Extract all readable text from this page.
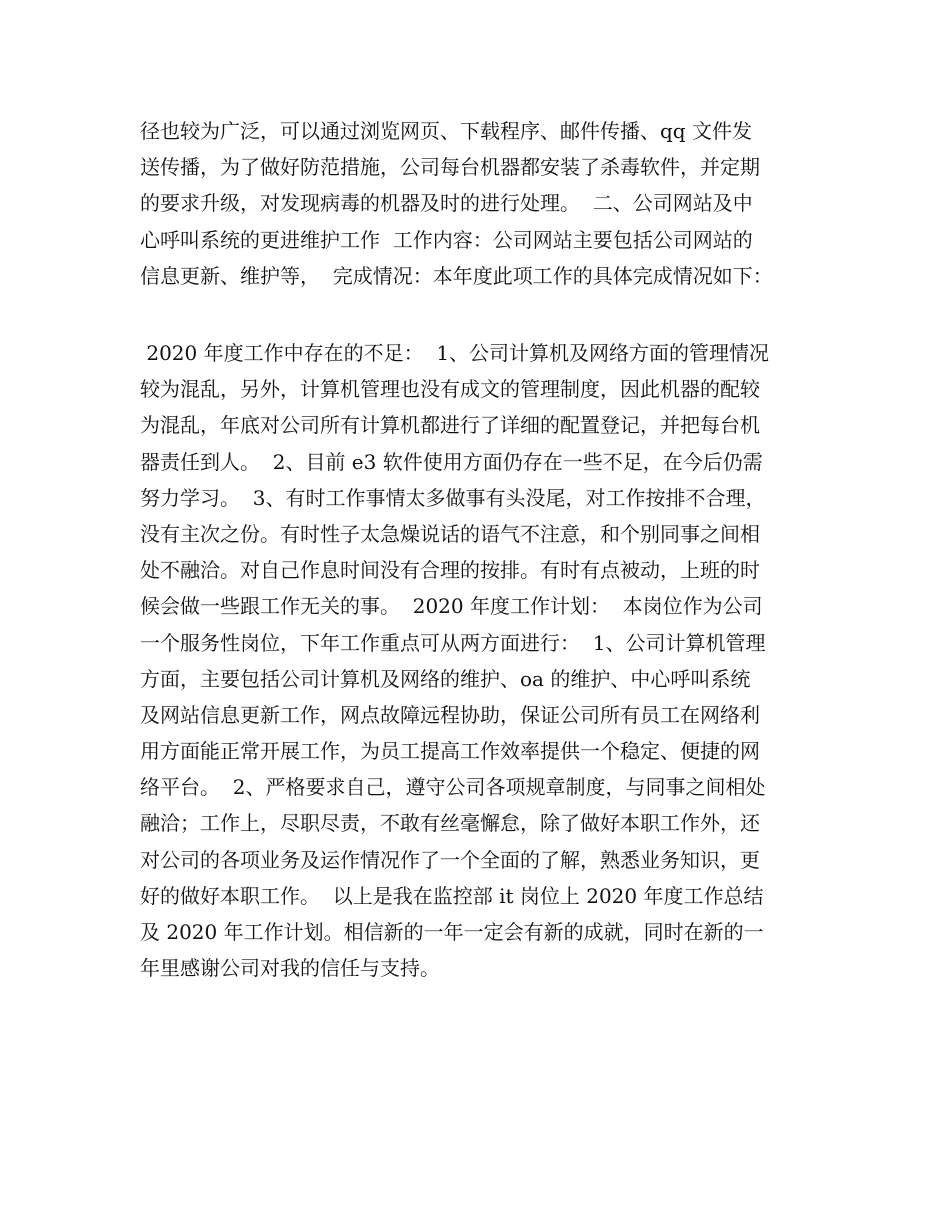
径也较为广泛，可以通过浏览网页、下载程序、邮件传播、qq 文件发
送传播，为了做好防范措施，公司每台机器都安装了杀毒软件，并定期
的要求升级，对发现病毒的机器及时的进行处理。  二、公司网站及中
心呼叫系统的更进维护工作  工作内容：公司网站主要包括公司网站的
信息更新、维护等，  完成情况：本年度此项工作的具体完成情况如下：
2020 年度工作中存在的不足：  1、公司计算机及网络方面的管理情况
较为混乱，另外，计算机管理也没有成文的管理制度，因此机器的配较
为混乱，年底对公司所有计算机都进行了详细的配置登记，并把每台机
器责任到人。  2、目前 e3 软件使用方面仍存在一些不足，在今后仍需
努力学习。  3、有时工作事情太多做事有头没尾，对工作按排不合理，
没有主次之份。有时性子太急燥说话的语气不注意，和个别同事之间相
处不融洽。对自己作息时间没有合理的按排。有时有点被动，上班的时
候会做一些跟工作无关的事。  2020 年度工作计划：  本岗位作为公司
一个服务性岗位，下年工作重点可从两方面进行：  1、公司计算机管理
方面，主要包括公司计算机及网络的维护、oa 的维护、中心呼叫系统
及网站信息更新工作，网点故障远程协助，保证公司所有员工在网络利
用方面能正常开展工作，为员工提高工作效率提供一个稳定、便捷的网
络平台。  2、严格要求自己，遵守公司各项规章制度，与同事之间相处
融洽；工作上，尽职尽责，不敢有丝毫懈怠，除了做好本职工作外，还
对公司的各项业务及运作情况作了一个全面的了解，熟悉业务知识，更
好的做好本职工作。  以上是我在监控部 it 岗位上 2020 年度工作总结
及 2020 年工作计划。相信新的一年一定会有新的成就，同时在新的一
年里感谢公司对我的信任与支持。
